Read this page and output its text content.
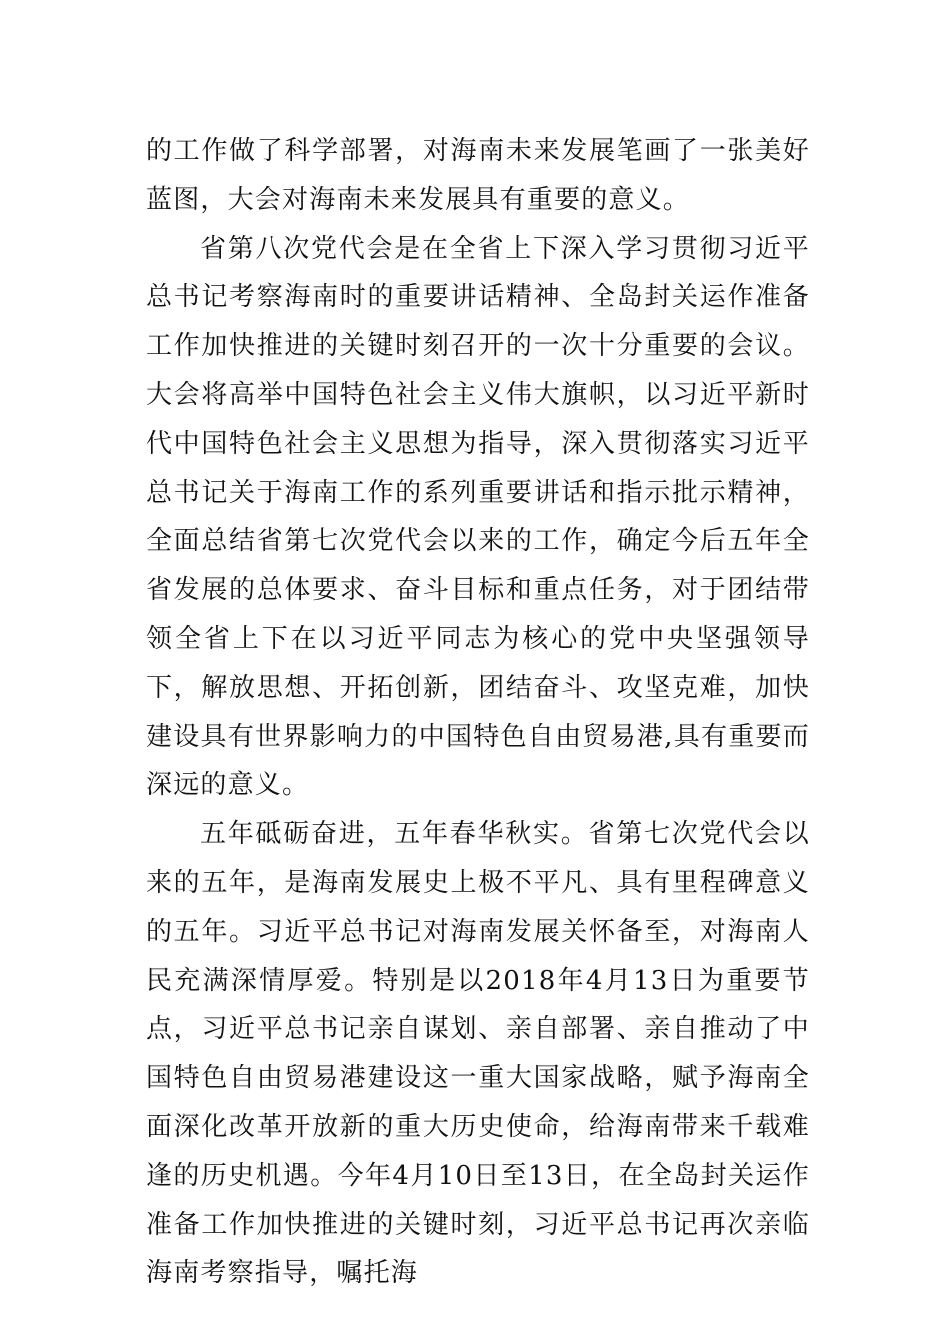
的工作做了科学部署，对海南未来发展笔画了一张美好蓝图，大会对海南未来发展具有重要的意义。

省第八次党代会是在全省上下深入学习贯彻习近平总书记考察海南时的重要讲话精神、全岛封关运作准备工作加快推进的关键时刻召开的一次十分重要的会议。大会将高举中国特色社会主义伟大旗帜，以习近平新时代中国特色社会主义思想为指导，深入贯彻落实习近平总书记关于海南工作的系列重要讲话和指示批示精神，全面总结省第七次党代会以来的工作，确定今后五年全省发展的总体要求、奋斗目标和重点任务，对于团结带领全省上下在以习近平同志为核心的党中央坚强领导下，解放思想、开拓创新，团结奋斗、攻坚克难，加快建设具有世界影响力的中国特色自由贸易港,具有重要而深远的意义。

五年砥砺奋进，五年春华秋实。省第七次党代会以来的五年，是海南发展史上极不平凡、具有里程碑意义的五年。习近平总书记对海南发展关怀备至，对海南人民充满深情厚爱。特别是以2018年4月13日为重要节点，习近平总书记亲自谋划、亲自部署、亲自推动了中国特色自由贸易港建设这一重大国家战略，赋予海南全面深化改革开放新的重大历史使命，给海南带来千载难逢的历史机遇。今年4月10日至13日，在全岛封关运作准备工作加快推进的关键时刻，习近平总书记再次亲临海南考察指导，嘱托海
